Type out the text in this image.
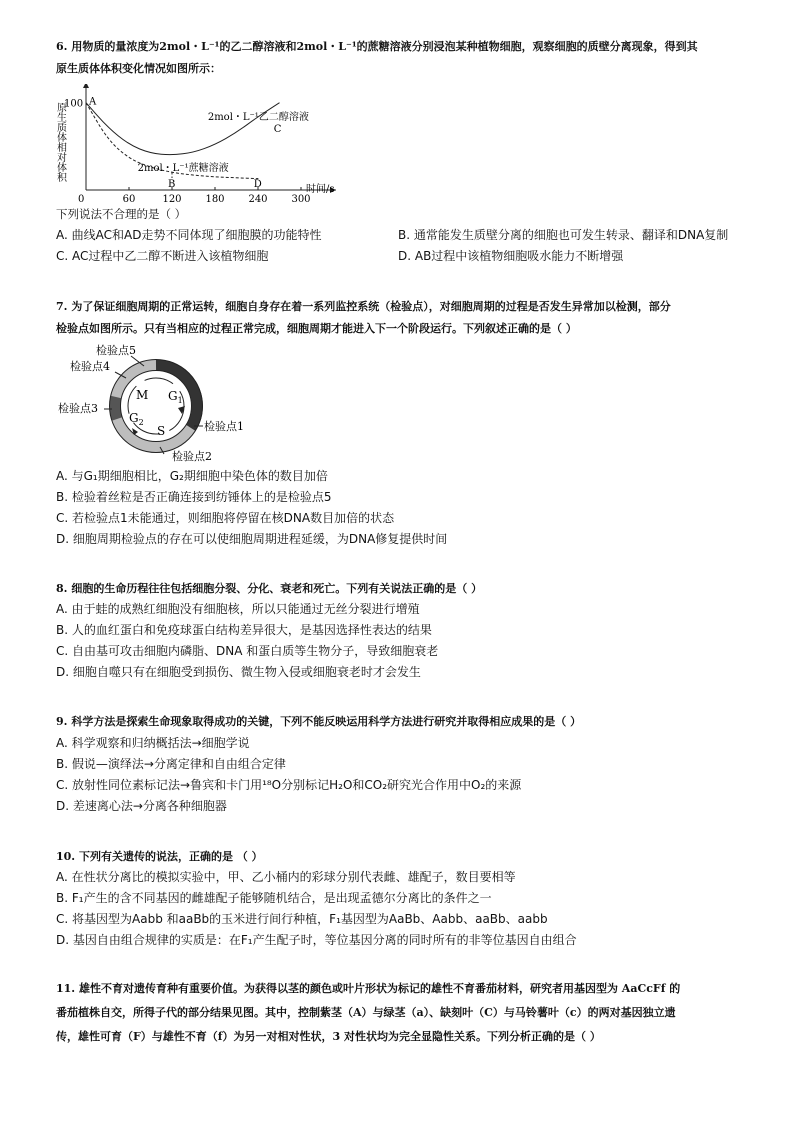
6. 用物质的量浓度为2mol・L⁻¹的乙二醇溶液和2mol・L⁻¹的蔗糖溶液分别浸泡某种植物细胞，观察细胞的质壁分离现象，得到其
原生质体体积变化情况如图所示：
0	60	120 180 240 300
100
原生质体相对体积
时间/s
2mol・L⁻¹乙二醇溶液
2mol・L⁻¹蔗糖溶液
A
B
C
D
下列说法不合理的是（ ）
A. 曲线AC和AD走势不同体现了细胞膜的功能特性	B. 通常能发生质壁分离的细胞也可发生转录、翻译和DNA复制
C. AC过程中乙二醇不断进入该植物细胞	D. AB过程中该植物细胞吸水能力不断增强
7. 为了保证细胞周期的正常运转，细胞自身存在着一系列监控系统（检验点），对细胞周期的过程是否发生异常加以检测，部分
检验点如图所示。只有当相应的过程正常完成，细胞周期才能进入下一个阶段运行。下列叙述正确的是（ ）
M $G_1$
S
$G_2$
检验点5
检验点4
检验点3
检验点1
检验点2
A. 与G₁期细胞相比，G₂期细胞中染色体的数目加倍
B. 检验着丝粒是否正确连接到纺锤体上的是检验点5
C. 若检验点1未能通过，则细胞将停留在核DNA数目加倍的状态
D. 细胞周期检验点的存在可以使细胞周期进程延缓，为DNA修复提供时间
8. 细胞的生命历程往往包括细胞分裂、分化、衰老和死亡。下列有关说法正确的是（ ）
A. 由于蛙的成熟红细胞没有细胞核，所以只能通过无丝分裂进行增殖
B. 人的血红蛋白和免疫球蛋白结构差异很大，是基因选择性表达的结果
C. 自由基可攻击细胞内磷脂、DNA 和蛋白质等生物分子，导致细胞衰老
D. 细胞自噬只有在细胞受到损伤、微生物入侵或细胞衰老时才会发生
9. 科学方法是探索生命现象取得成功的关键，下列不能反映运用科学方法进行研究并取得相应成果的是（ ）
A. 科学观察和归纳概括法→细胞学说
B. 假说—演绎法→分离定律和自由组合定律
C. 放射性同位素标记法→鲁宾和卡门用¹⁸O分别标记H₂O和CO₂研究光合作用中O₂的来源
D. 差速离心法→分离各种细胞器
10. 下列有关遗传的说法，正确的是 （ ）
A. 在性状分离比的模拟实验中，甲、乙小桶内的彩球分别代表雌、雄配子，数目要相等
B. F₁产生的含不同基因的雌雄配子能够随机结合，是出现孟德尔分离比的条件之一
C. 将基因型为Aabb 和aaBb的玉米进行间行种植，F₁基因型为AaBb、Aabb、aaBb、aabb
D. 基因自由组合规律的实质是：在F₁产生配子时，等位基因分离的同时所有的非等位基因自由组合
11. 雄性不育对遗传育种有重要价值。为获得以茎的颜色或叶片形状为标记的雄性不育番茄材料，研究者用基因型为 AaCcFf 的
番茄植株自交，所得子代的部分结果见图。其中，控制紫茎（A）与绿茎（a）、缺刻叶（C）与马铃薯叶（c）的两对基因独立遗
传，雄性可育（F）与雄性不育（f）为另一对相对性状，3 对性状均为完全显隐性关系。下列分析正确的是（ ）
